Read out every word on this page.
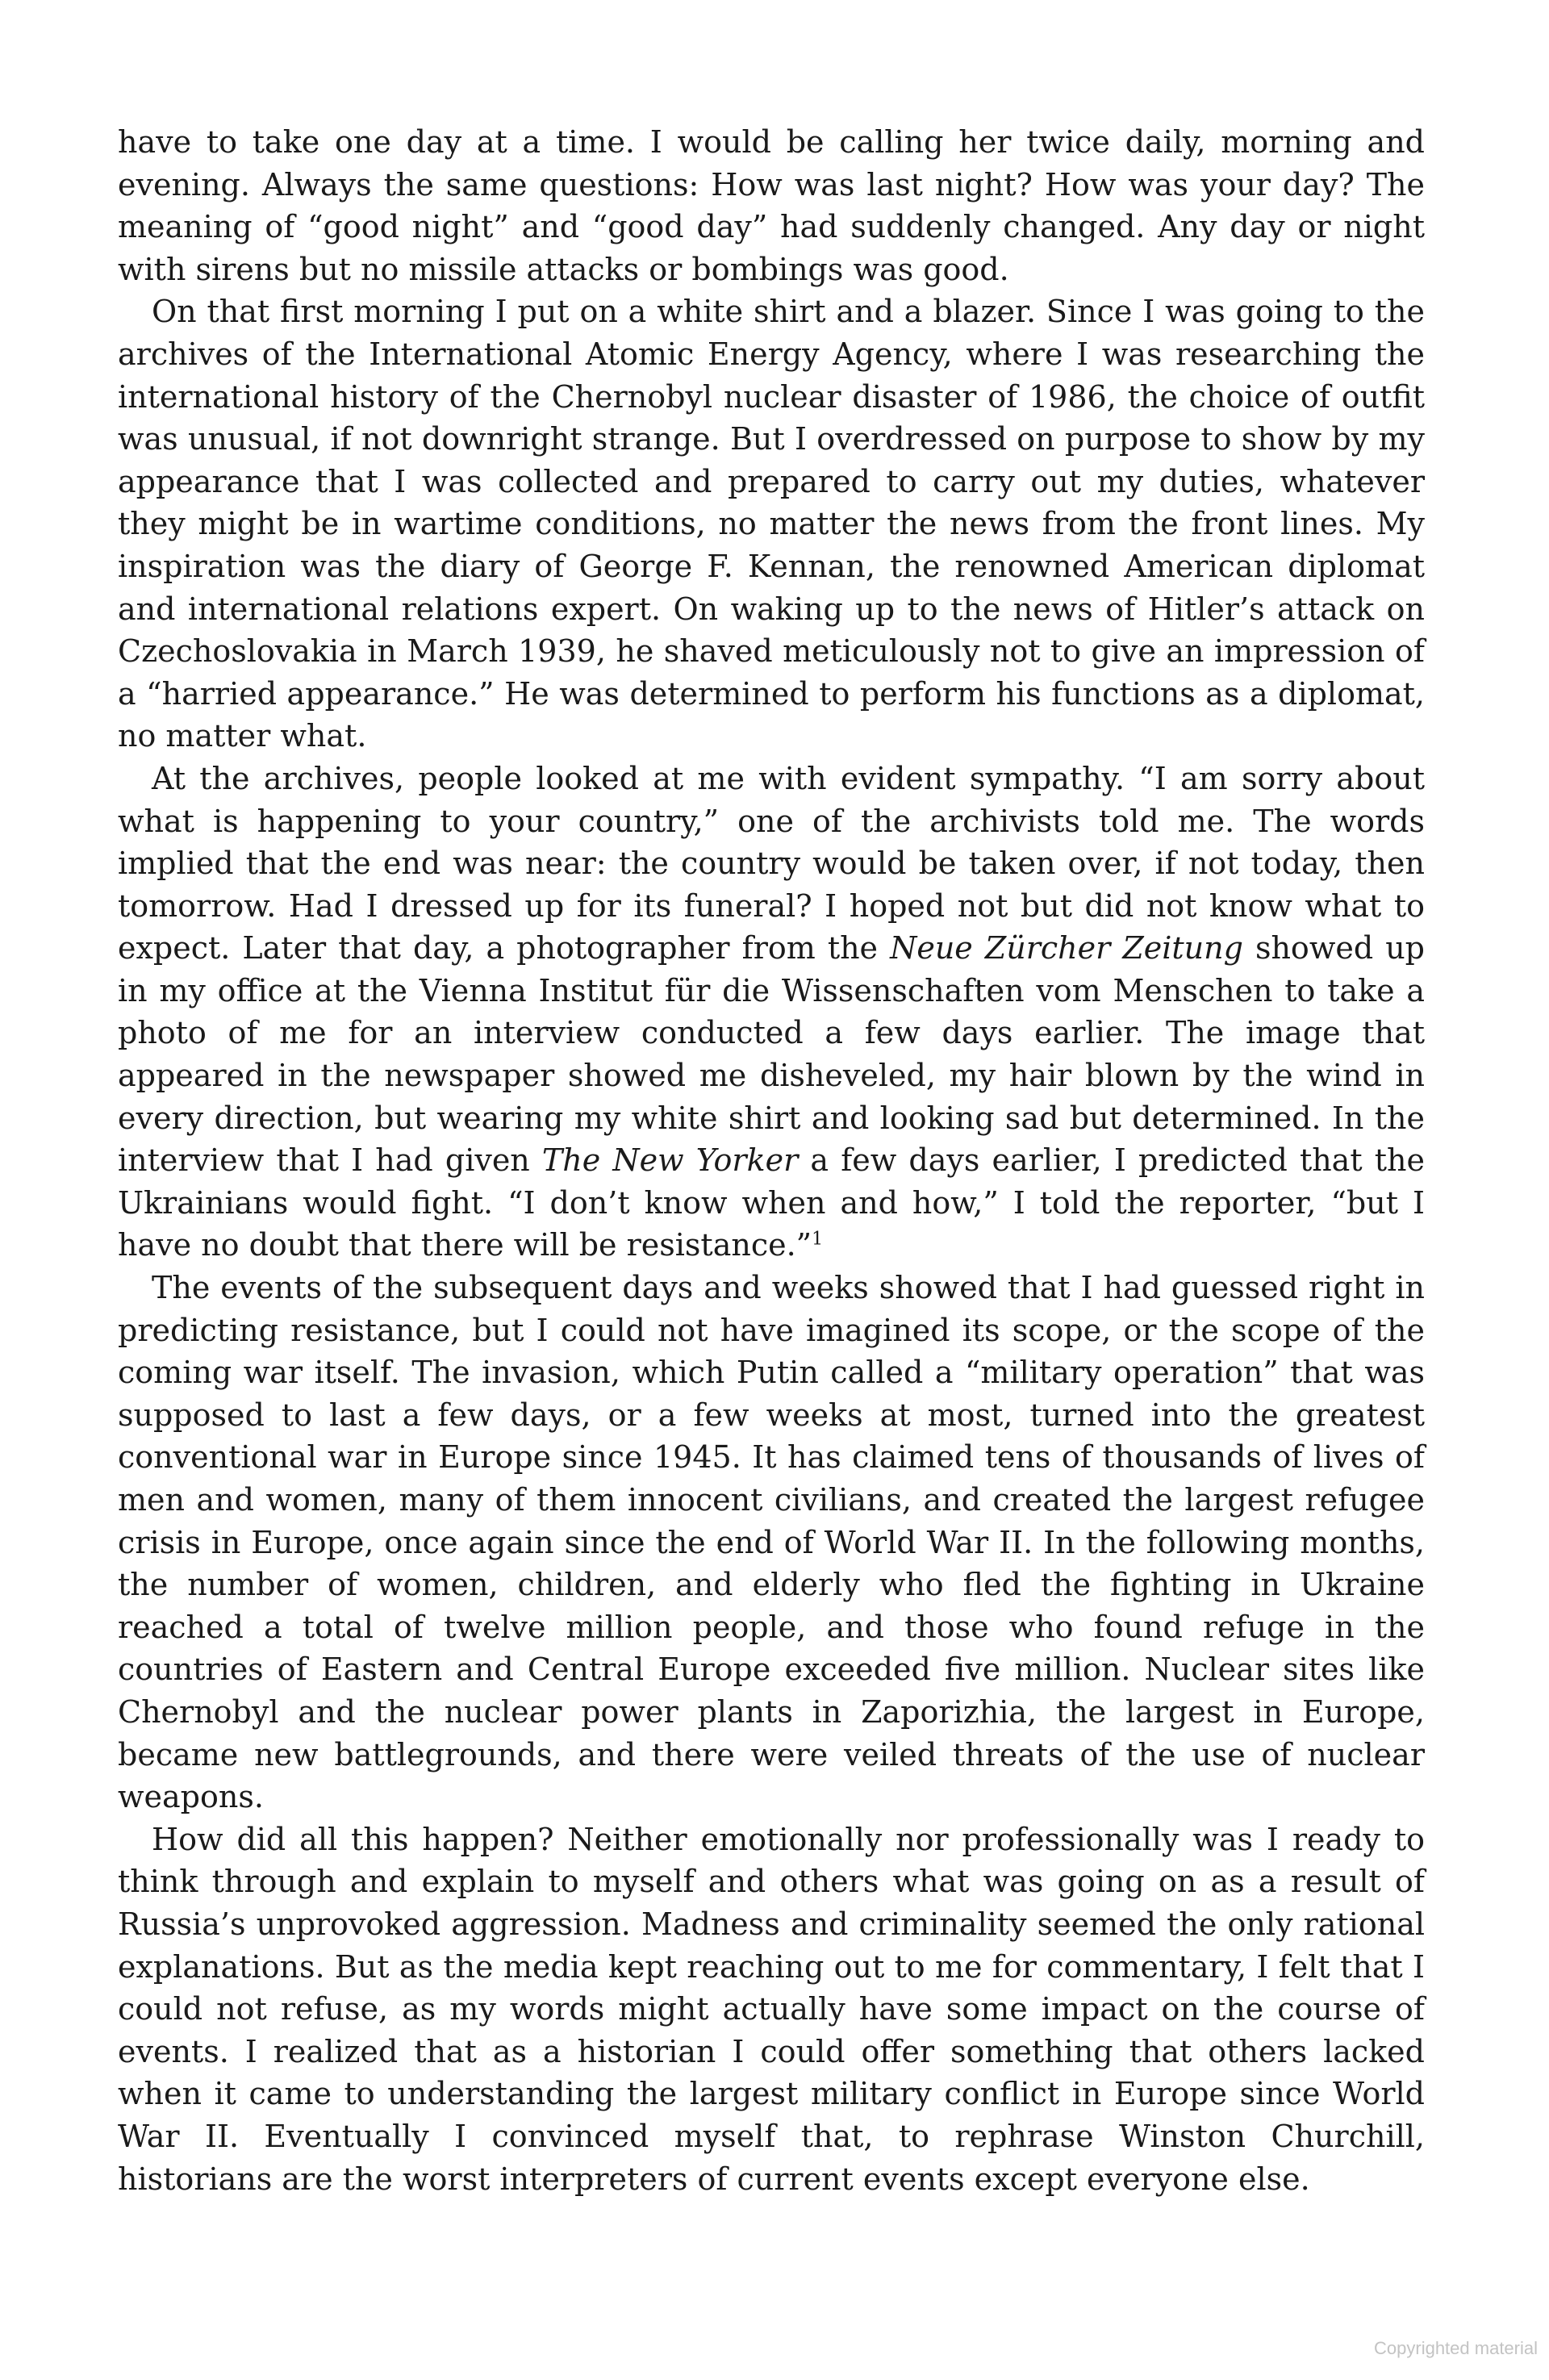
have to take one day at a time. I would be calling her twice daily, morning and evening. Always the same questions: How was last night? How was your day? The meaning of “good night” and “good day” had suddenly changed. Any day or night with sirens but no missile attacks or bombings was good.

On that first morning I put on a white shirt and a blazer. Since I was going to the archives of the International Atomic Energy Agency, where I was researching the international history of the Chernobyl nuclear disaster of 1986, the choice of outfit was unusual, if not downright strange. But I overdressed on purpose to show by my appearance that I was collected and prepared to carry out my duties, whatever they might be in wartime conditions, no matter the news from the front lines. My inspiration was the diary of George F. Kennan, the renowned American diplomat and international relations expert. On waking up to the news of Hitler’s attack on Czechoslovakia in March 1939, he shaved meticulously not to give an impression of a “harried appearance.” He was determined to perform his functions as a diplomat, no matter what.

At the archives, people looked at me with evident sympathy. “I am sorry about what is happening to your country,” one of the archivists told me. The words implied that the end was near: the country would be taken over, if not today, then tomorrow. Had I dressed up for its funeral? I hoped not but did not know what to expect. Later that day, a photographer from the Neue Zürcher Zeitung showed up in my office at the Vienna Institut für die Wissenschaften vom Menschen to take a photo of me for an interview conducted a few days earlier. The image that appeared in the newspaper showed me disheveled, my hair blown by the wind in every direction, but wearing my white shirt and looking sad but determined. In the interview that I had given The New Yorker a few days earlier, I predicted that the Ukrainians would fight. “I don’t know when and how,” I told the reporter, “but I have no doubt that there will be resistance.”$^1$

The events of the subsequent days and weeks showed that I had guessed right in predicting resistance, but I could not have imagined its scope, or the scope of the coming war itself. The invasion, which Putin called a “military operation” that was supposed to last a few days, or a few weeks at most, turned into the greatest conventional war in Europe since 1945. It has claimed tens of thousands of lives of men and women, many of them innocent civilians, and created the largest refugee crisis in Europe, once again since the end of World War II. In the following months, the number of women, children, and elderly who fled the fighting in Ukraine reached a total of twelve million people, and those who found refuge in the countries of Eastern and Central Europe exceeded five million. Nuclear sites like Chernobyl and the nuclear power plants in Zaporizhia, the largest in Europe, became new battlegrounds, and there were veiled threats of the use of nuclear weapons.

How did all this happen? Neither emotionally nor professionally was I ready to think through and explain to myself and others what was going on as a result of Russia’s unprovoked aggression. Madness and criminality seemed the only rational explanations. But as the media kept reaching out to me for commentary, I felt that I could not refuse, as my words might actually have some impact on the course of events. I realized that as a historian I could offer something that others lacked when it came to understanding the largest military conflict in Europe since World War II. Eventually I convinced myself that, to rephrase Winston Churchill, historians are the worst interpreters of current events except everyone else.

Copyrighted material
